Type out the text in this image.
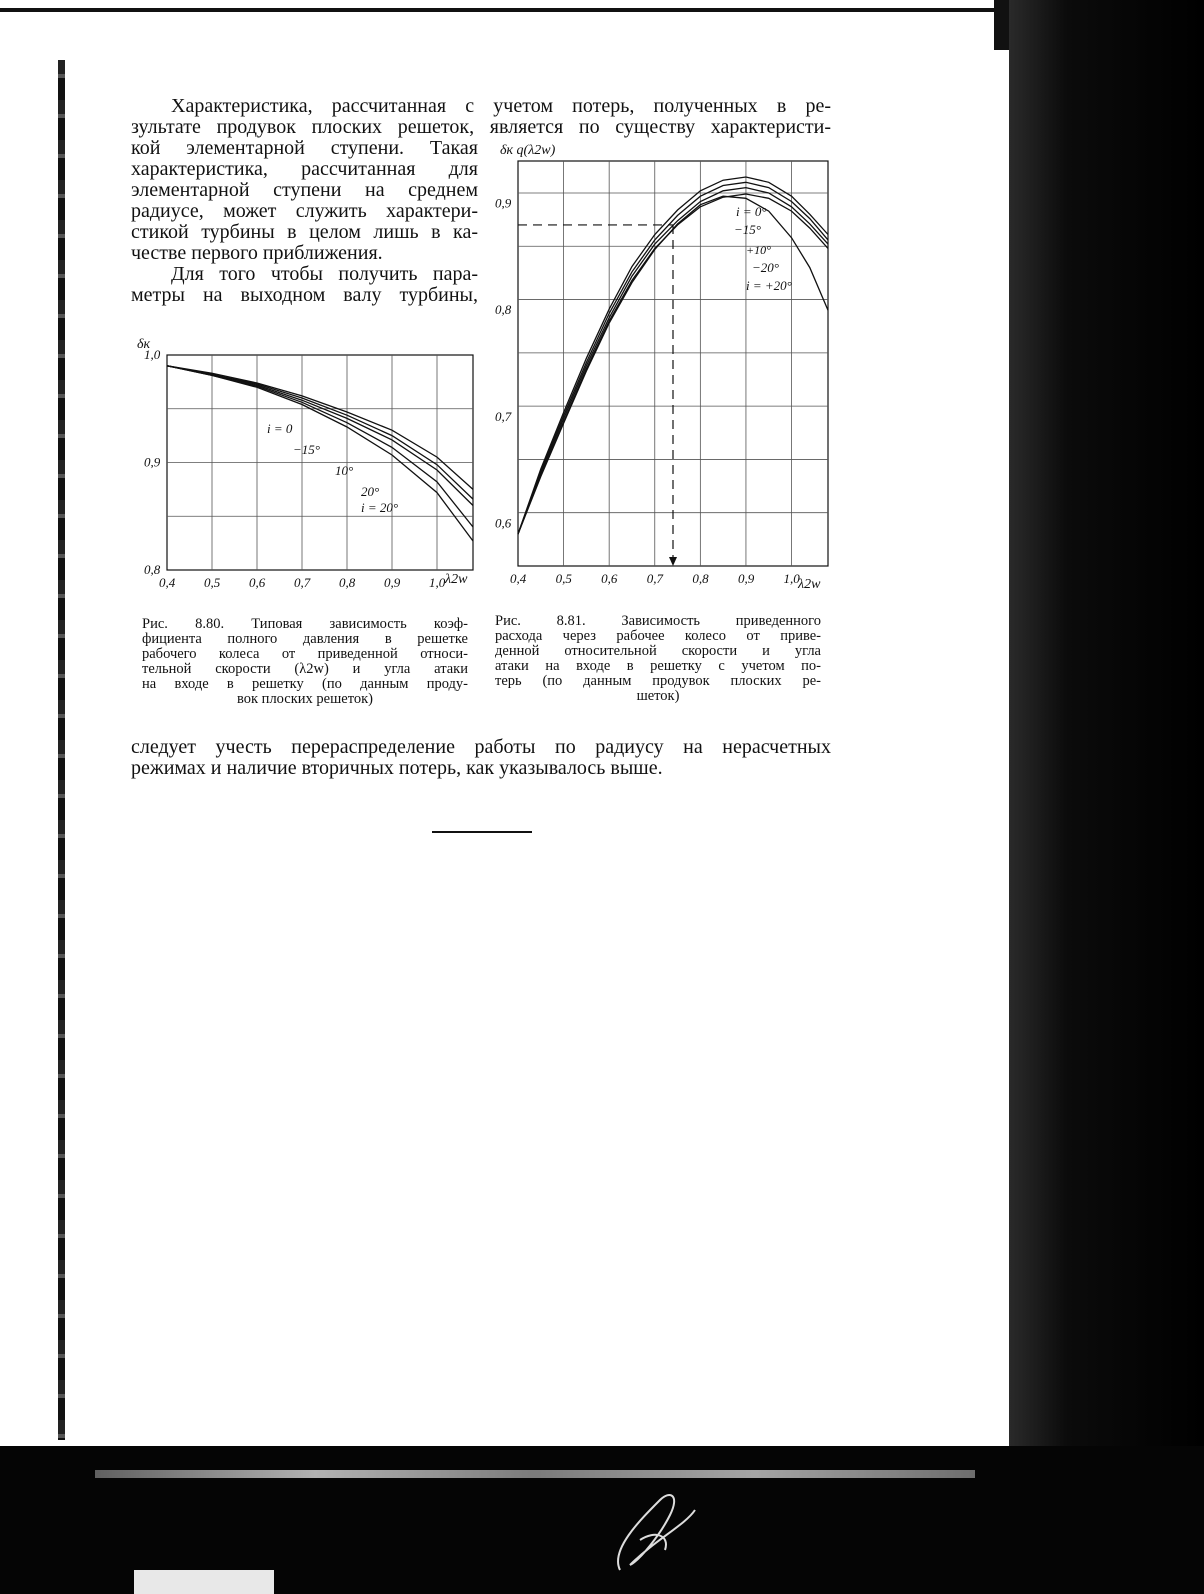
Характеристика, рассчитанная с учетом потерь, полученных в ре-
зультате продувок плоских решеток, является по существу характеристи-
кой элементарной ступени. Такая
характеристика, рассчитанная для
элементарной ступени на среднем
радиусе, может служить характери-
стикой турбины в целом лишь в ка-
честве первого приближения.
Для того чтобы получить пара-
метры на выходном валу турбины,
0,4 0,5 0,6 0,7 0,8 0,9 1,0
0,8
0,9
1,0
δк
λ2w
i = 0
−15°
10°
20°
i = 20°
0,4 0,5 0,6 0,7 0,8 0,9 1,0
0,6
0,7
0,8
0,9
δк q(λ2w)
λ2w
i = 0°
−15°
+10°
−20°
i = +20°
Рис. 8.80. Типовая зависимость коэф-
фициента полного давления в решетке
рабочего колеса от приведенной относи-
тельной скорости (λ2w) и угла атаки
на входе в решетку (по данным проду-
вок плоских решеток)
Рис. 8.81. Зависимость приведенного
расхода через рабочее колесо от приве-
денной относительной скорости и угла
атаки на входе в решетку с учетом по-
терь (по данным продувок плоских ре-
шеток)
следует учесть перераспределение работы по радиусу на нерасчетных
режимах и наличие вторичных потерь, как указывалось выше.
